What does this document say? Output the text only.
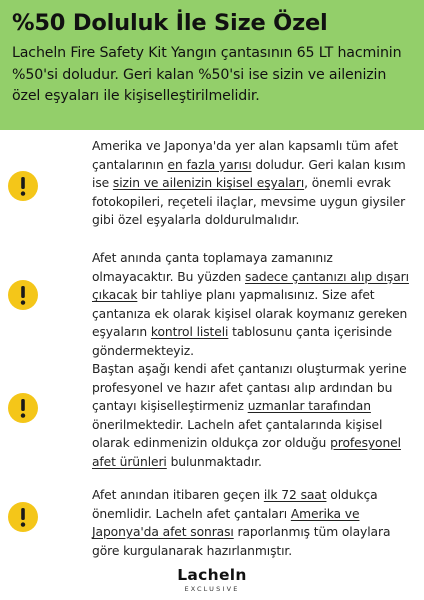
%50 Doluluk İle Size Özel

Lacheln Fire Safety Kit Yangın çantasının 65 LT hacminin %50'si doludur. Geri kalan %50'si ise sizin ve ailenizin özel eşyaları ile kişiselleştirilmelidir.

Amerika ve Japonya'da yer alan kapsamlı tüm afet çantalarının en fazla yarısı doludur. Geri kalan kısım ise sizin ve ailenizin kişisel eşyaları, önemli evrak fotokopileri, reçeteli ilaçlar, mevsime uygun giysiler gibi özel eşyalarla doldurulmalıdır.
Afet anında çanta toplamaya zamanınız olmayacaktır. Bu yüzden sadece çantanızı alıp dışarı çıkacak bir tahliye planı yapmalısınız. Size afet çantanıza ek olarak kişisel olarak koymanız gereken eşyaların kontrol listeli tablosunu çanta içerisinde göndermekteyiz.
Baştan aşağı kendi afet çantanızı oluşturmak yerine profesyonel ve hazır afet çantası alıp ardından bu çantayı kişiselleştirmeniz uzmanlar tarafından önerilmektedir. Lacheln afet çantalarında kişisel olarak edinmenizin oldukça zor olduğu profesyonel afet ürünleri bulunmaktadır.
Afet anından itibaren geçen ilk 72 saat oldukça önemlidir. Lacheln afet çantaları Amerika ve Japonya'da afet sonrası raporlanmış tüm olaylara göre kurgulanarak hazırlanmıştır.
Lacheln
EXCLUSIVE
